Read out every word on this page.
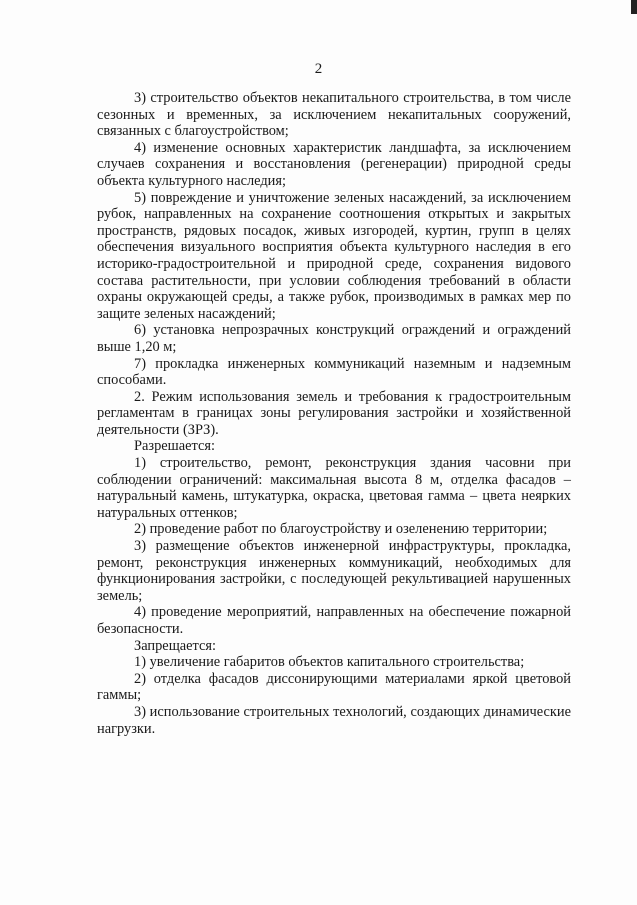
2

3) строительство объектов некапитального строительства, в том числе сезонных и временных, за исключением некапитальных сооружений, связанных с благоустройством;

4) изменение основных характеристик ландшафта, за исключением случаев сохранения и восстановления (регенерации) природной среды объекта культурного наследия;

5) повреждение и уничтожение зеленых насаждений, за исключением рубок, направленных на сохранение соотношения открытых и закрытых пространств, рядовых посадок, живых изгородей, куртин, групп в целях обеспечения визуального восприятия объекта культурного наследия в его историко-градостроительной и природной среде, сохранения видового состава растительности, при условии соблюдения требований в области охраны окружающей среды, а также рубок, производимых в рамках мер по защите зеленых насаждений;

6) установка непрозрачных конструкций ограждений и ограждений выше 1,20 м;

7) прокладка инженерных коммуникаций наземным и надземным способами.

2. Режим использования земель и требования к градостроительным регламентам в границах зоны регулирования застройки и хозяйственной деятельности (ЗРЗ).

Разрешается:

1) строительство, ремонт, реконструкция здания часовни при соблюдении ограничений: максимальная высота 8 м, отделка фасадов – натуральный камень, штукатурка, окраска, цветовая гамма – цвета неярких натуральных оттенков;

2) проведение работ по благоустройству и озеленению территории;

3) размещение объектов инженерной инфраструктуры, прокладка, ремонт, реконструкция инженерных коммуникаций, необходимых для функционирования застройки, с последующей рекультивацией нарушенных земель;

4) проведение мероприятий, направленных на обеспечение пожарной безопасности.

Запрещается:

1) увеличение габаритов объектов капитального строительства;

2) отделка фасадов диссонирующими материалами яркой цветовой гаммы;

3) использование строительных технологий, создающих динамические нагрузки.
